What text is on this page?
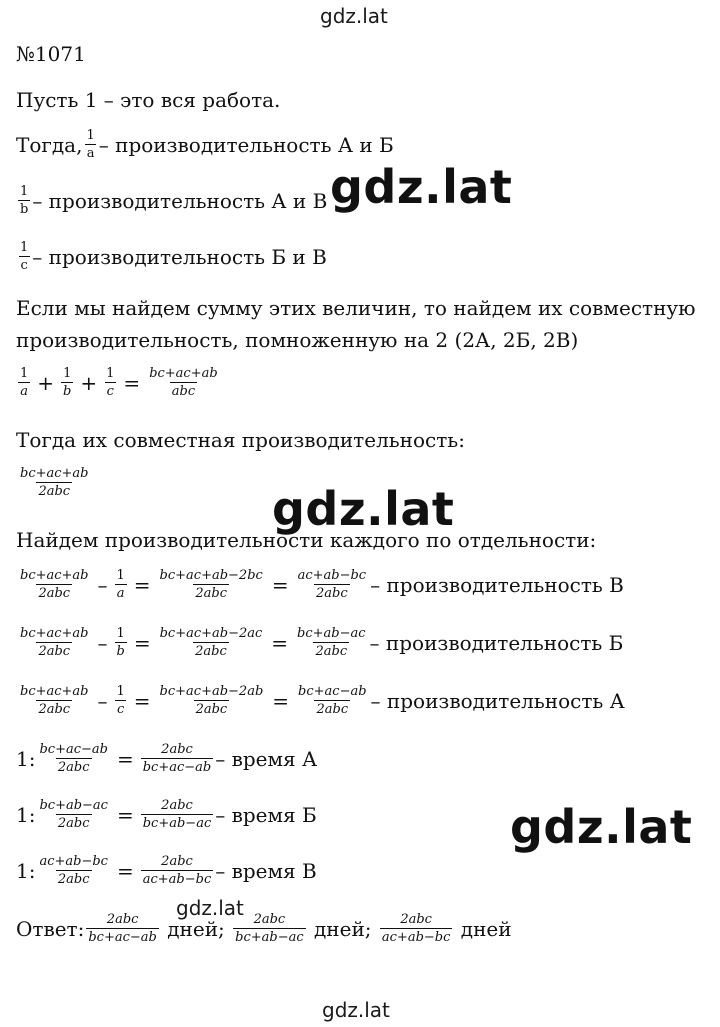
gdz.lat
gdz.lat
gdz.lat
gdz.lat
gdz.lat
gdz.lat
№1071
Пусть 1 – это вся работа.
Тогда, $\frac{1}{a}$ – производительность А и Б
$\frac{1}{b}$ – производительность А и В
$\frac{1}{c}$ – производительность Б и В
Если мы найдем сумму этих величин, то найдем их совместную
производительность, помноженную на 2 (2А, 2Б, 2В)
$\frac{1}{a} + \frac{1}{b} + \frac{1}{c} = \frac{bc+ac+ab}{\text{abc}}$
Тогда их совместная производительность:
$\frac{bc+ac+ab}{\text{2abc}}$
Найдем производительности каждого по отдельности:
$\frac{bc+ac+ab}{\text{2abc}} - \frac{1}{a} = \frac{bc+ac+ab-2bc}{\text{2abc}} = \frac{ac+ab-bc}{\text{2abc}}$ – производительность В
$\frac{bc+ac+ab}{\text{2abc}} - \frac{1}{b} = \frac{bc+ac+ab-2ac}{\text{2abc}} = \frac{bc+ab-ac}{\text{2abc}}$ – производительность Б
$\frac{bc+ac+ab}{\text{2abc}} - \frac{1}{c} = \frac{bc+ac+ab-2ab}{\text{2abc}} = \frac{bc+ac-ab}{\text{2abc}}$ – производительность А
1: $\frac{bc+ac-ab}{\text{2abc}} = \frac{\text{2abc}}{bc+ac-ab}$ – время А
1: $\frac{bc+ab-ac}{\text{2abc}} = \frac{\text{2abc}}{bc+ab-ac}$ – время Б
1: $\frac{ac+ab-bc}{\text{2abc}} = \frac{\text{2abc}}{ac+ab-bc}$ – время В
Ответ: $\frac{\text{2abc}}{bc+ac-ab}$ дней; $\frac{\text{2abc}}{bc+ab-ac}$ дней; $\frac{\text{2abc}}{ac+ab-bc}$ дней
